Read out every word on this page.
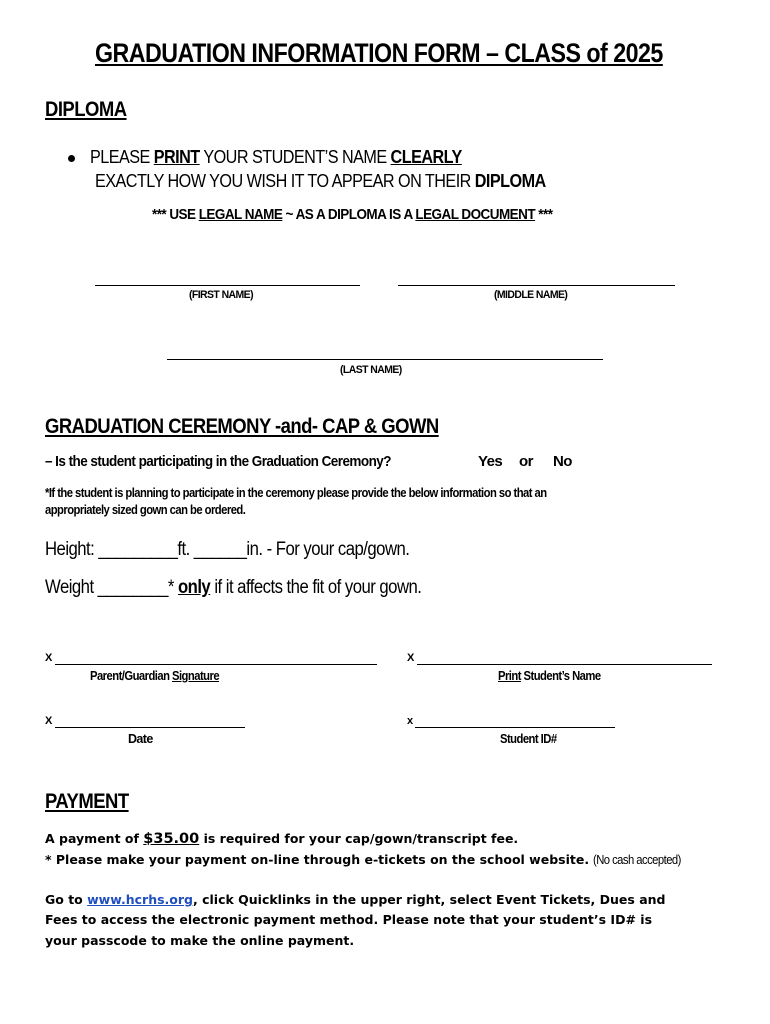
GRADUATION INFORMATION FORM – CLASS of 2025
DIPLOMA
PLEASE PRINT YOUR STUDENT’S NAME CLEARLY
EXACTLY HOW YOU WISH IT TO APPEAR ON THEIR DIPLOMA
*** USE LEGAL NAME ~ AS A DIPLOMA IS A LEGAL DOCUMENT ***
(FIRST NAME)	(MIDDLE NAME)
(LAST NAME)
GRADUATION CEREMONY -and- CAP & GOWN
– Is the student participating in the Graduation Ceremony?	Yes or No
*If the student is planning to participate in the ceremony please provide the below information so that an
appropriately sized gown can be ordered.
Height: _________ft. ______in. - For your cap/gown.
Weight ________* only if it affects the fit of your gown.
X
Parent/Guardian Signature
X
Print Student’s Name
X
Date
x
Student ID#
PAYMENT
A payment of $35.00 is required for your cap/gown/transcript fee.
* Please make your payment on-line through e-tickets on the school website. (No cash accepted)
Go to www.hcrhs.org, click Quicklinks in the upper right, select Event Tickets, Dues and
Fees to access the electronic payment method. Please note that your student’s ID# is
your passcode to make the online payment.
